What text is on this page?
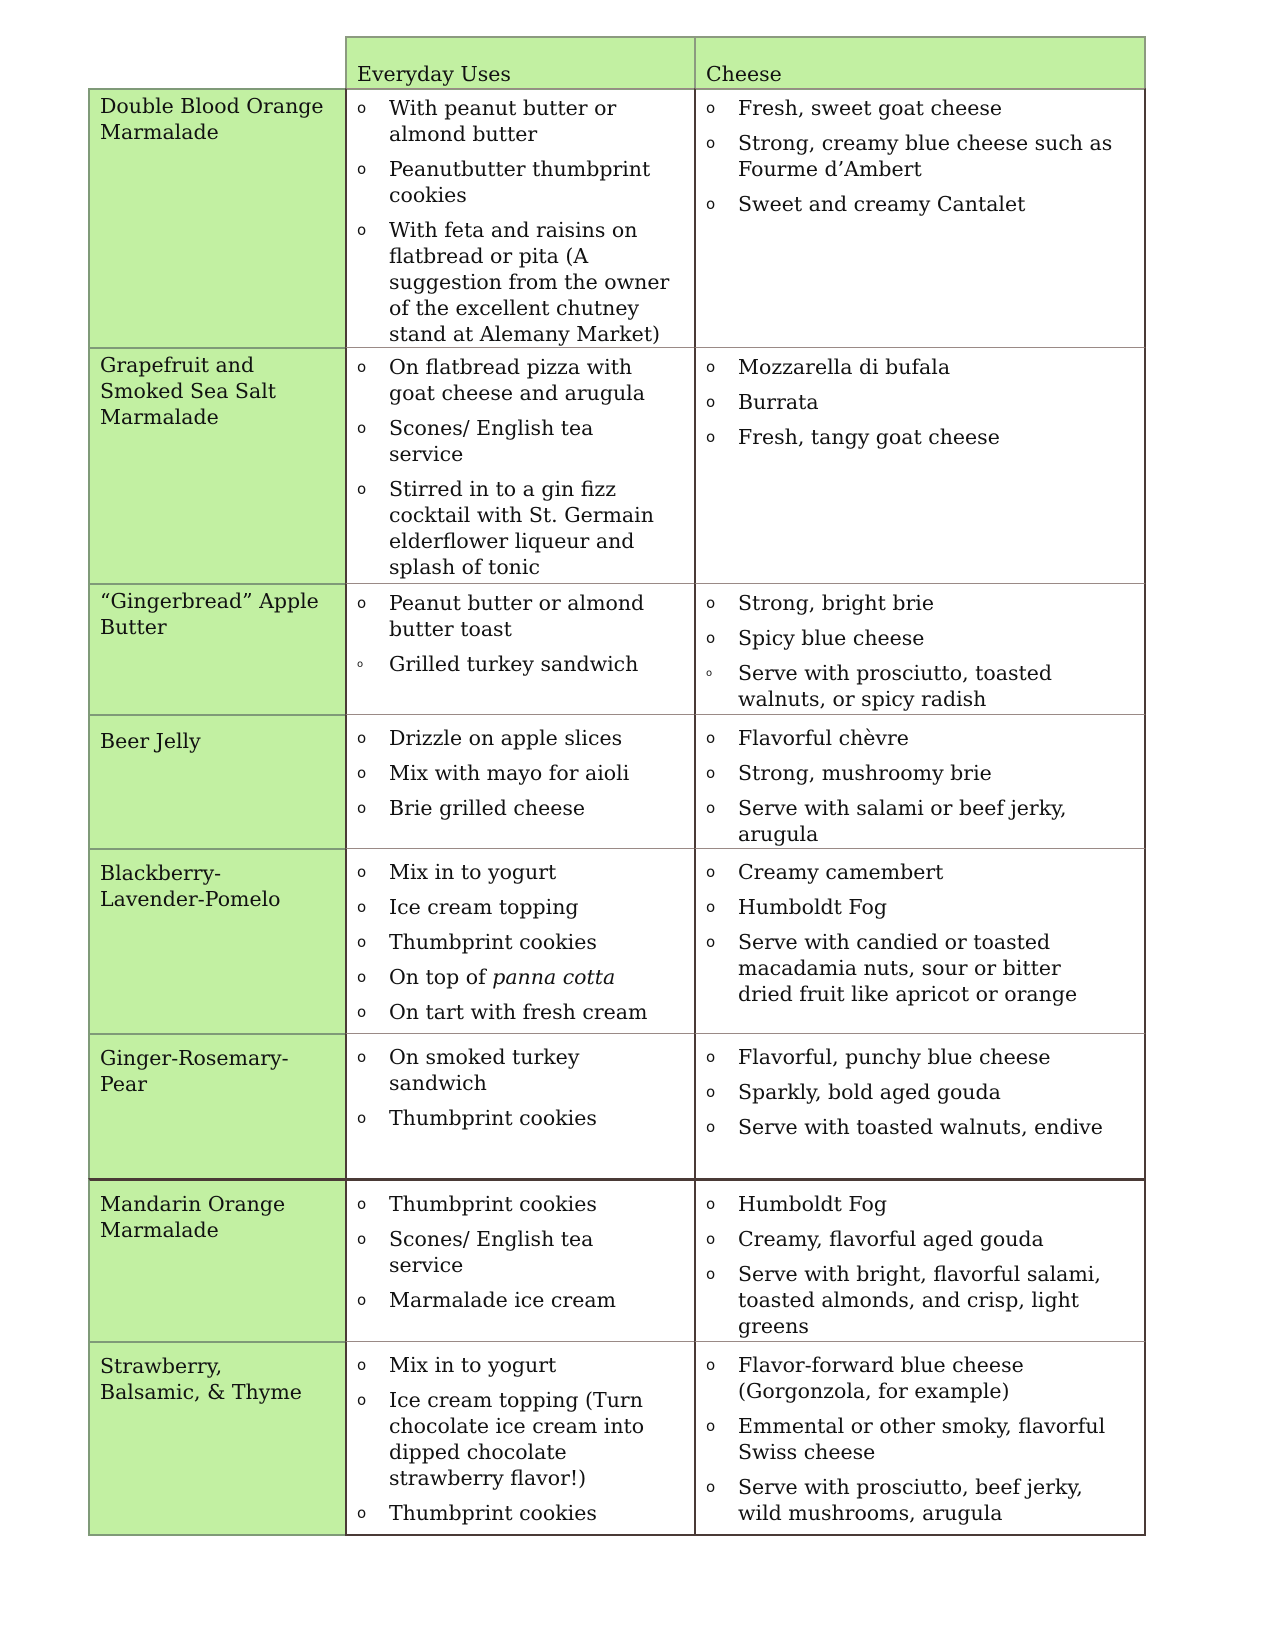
Everyday Uses	Cheese
Double Blood Orange
Marmalade
o With peanut butter or
almond butter
o Peanutbutter thumbprint
cookies
o With feta and raisins on
flatbread or pita (A
suggestion from the owner
of the excellent chutney
stand at Alemany Market)
o Fresh, sweet goat cheese
o Strong, creamy blue cheese such as
Fourme d’Ambert
o Sweet and creamy Cantalet
Grapefruit and
Smoked Sea Salt
Marmalade
o On flatbread pizza with
goat cheese and arugula
o Scones/ English tea
service
o Stirred in to a gin fizz
cocktail with St. Germain
elderflower liqueur and
splash of tonic
o Mozzarella di bufala
o Burrata
o Fresh, tangy goat cheese
“Gingerbread” Apple
Butter
o Peanut butter or almond
butter toast
o Grilled turkey sandwich
o Strong, bright brie
o Spicy blue cheese
o Serve with prosciutto, toasted
walnuts, or spicy radish
Beer Jelly	o Drizzle on apple slices
o Mix with mayo for aioli
o Brie grilled cheese
o Flavorful chèvre
o Strong, mushroomy brie
o Serve with salami or beef jerky,
arugula
Blackberry-
Lavender-Pomelo
o Mix in to yogurt
o Ice cream topping
o Thumbprint cookies
o On top of panna cotta
o On tart with fresh cream
o Creamy camembert
o Humboldt Fog
o Serve with candied or toasted
macadamia nuts, sour or bitter
dried fruit like apricot or orange
Ginger-Rosemary-
Pear
o On smoked turkey
sandwich
o Thumbprint cookies
o Flavorful, punchy blue cheese
o Sparkly, bold aged gouda
o Serve with toasted walnuts, endive
Mandarin Orange
Marmalade
o Thumbprint cookies
o Scones/ English tea
service
o Marmalade ice cream
o Humboldt Fog
o Creamy, flavorful aged gouda
o Serve with bright, flavorful salami,
toasted almonds, and crisp, light
greens
Strawberry,
Balsamic, & Thyme
o Mix in to yogurt
o Ice cream topping (Turn
chocolate ice cream into
dipped chocolate
strawberry flavor!)
o Thumbprint cookies
o Flavor-forward blue cheese
(Gorgonzola, for example)
o Emmental or other smoky, flavorful
Swiss cheese
o Serve with prosciutto, beef jerky,
wild mushrooms, arugula
